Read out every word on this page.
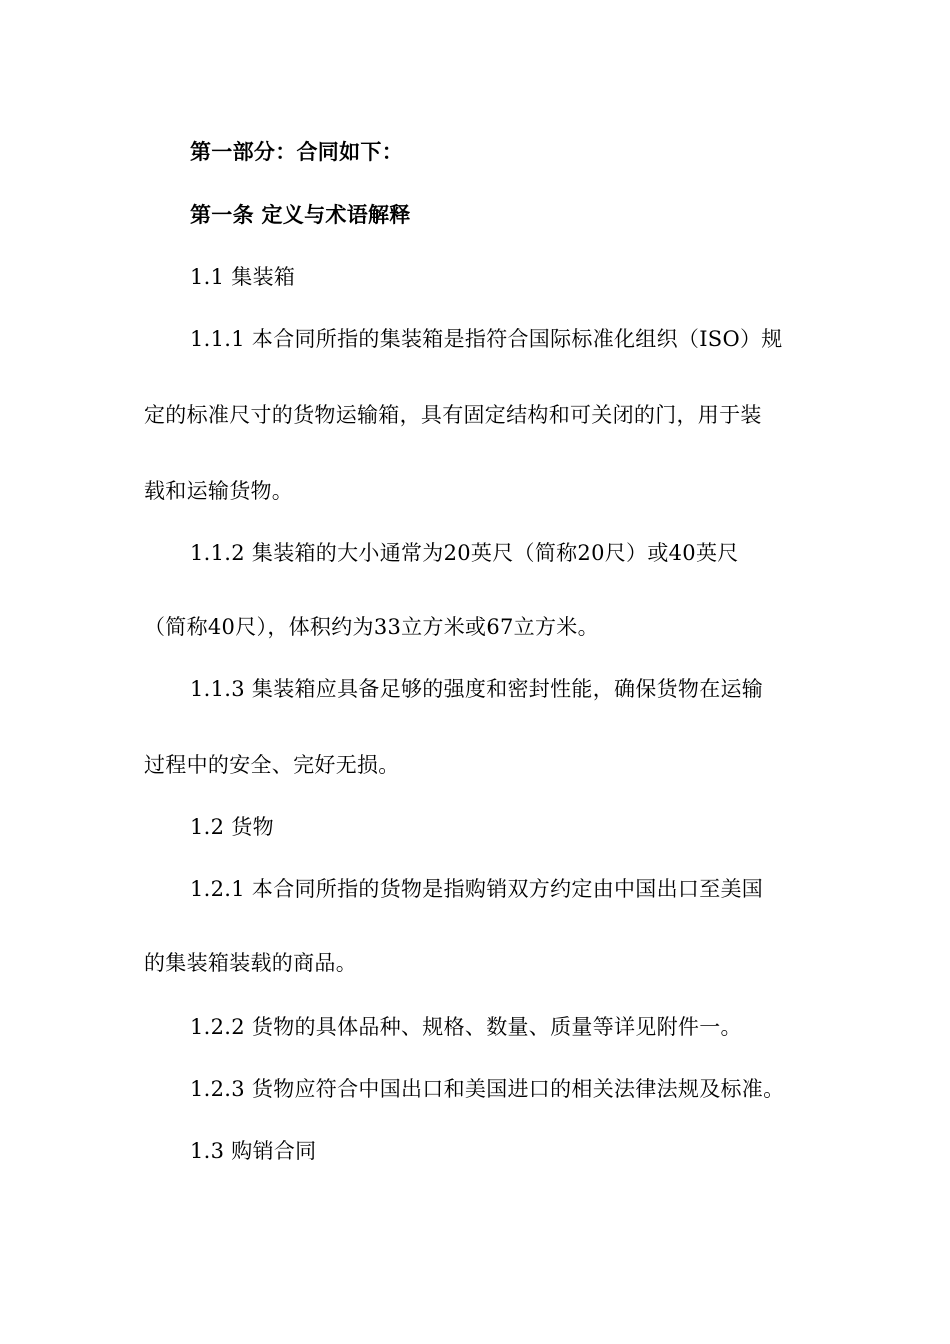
第一部分：合同如下：
第一条 定义与术语解释
1.1 集装箱
1.1.1 本合同所指的集装箱是指符合国际标准化组织（ISO）规
定的标准尺寸的货物运输箱，具有固定结构和可关闭的门，用于装
载和运输货物。
1.1.2 集装箱的大小通常为20英尺（简称20尺）或40英尺
（简称40尺），体积约为33立方米或67立方米。
1.1.3 集装箱应具备足够的强度和密封性能，确保货物在运输
过程中的安全、完好无损。
1.2 货物
1.2.1 本合同所指的货物是指购销双方约定由中国出口至美国
的集装箱装载的商品。
1.2.2 货物的具体品种、规格、数量、质量等详见附件一。
1.2.3 货物应符合中国出口和美国进口的相关法律法规及标准。
1.3 购销合同
